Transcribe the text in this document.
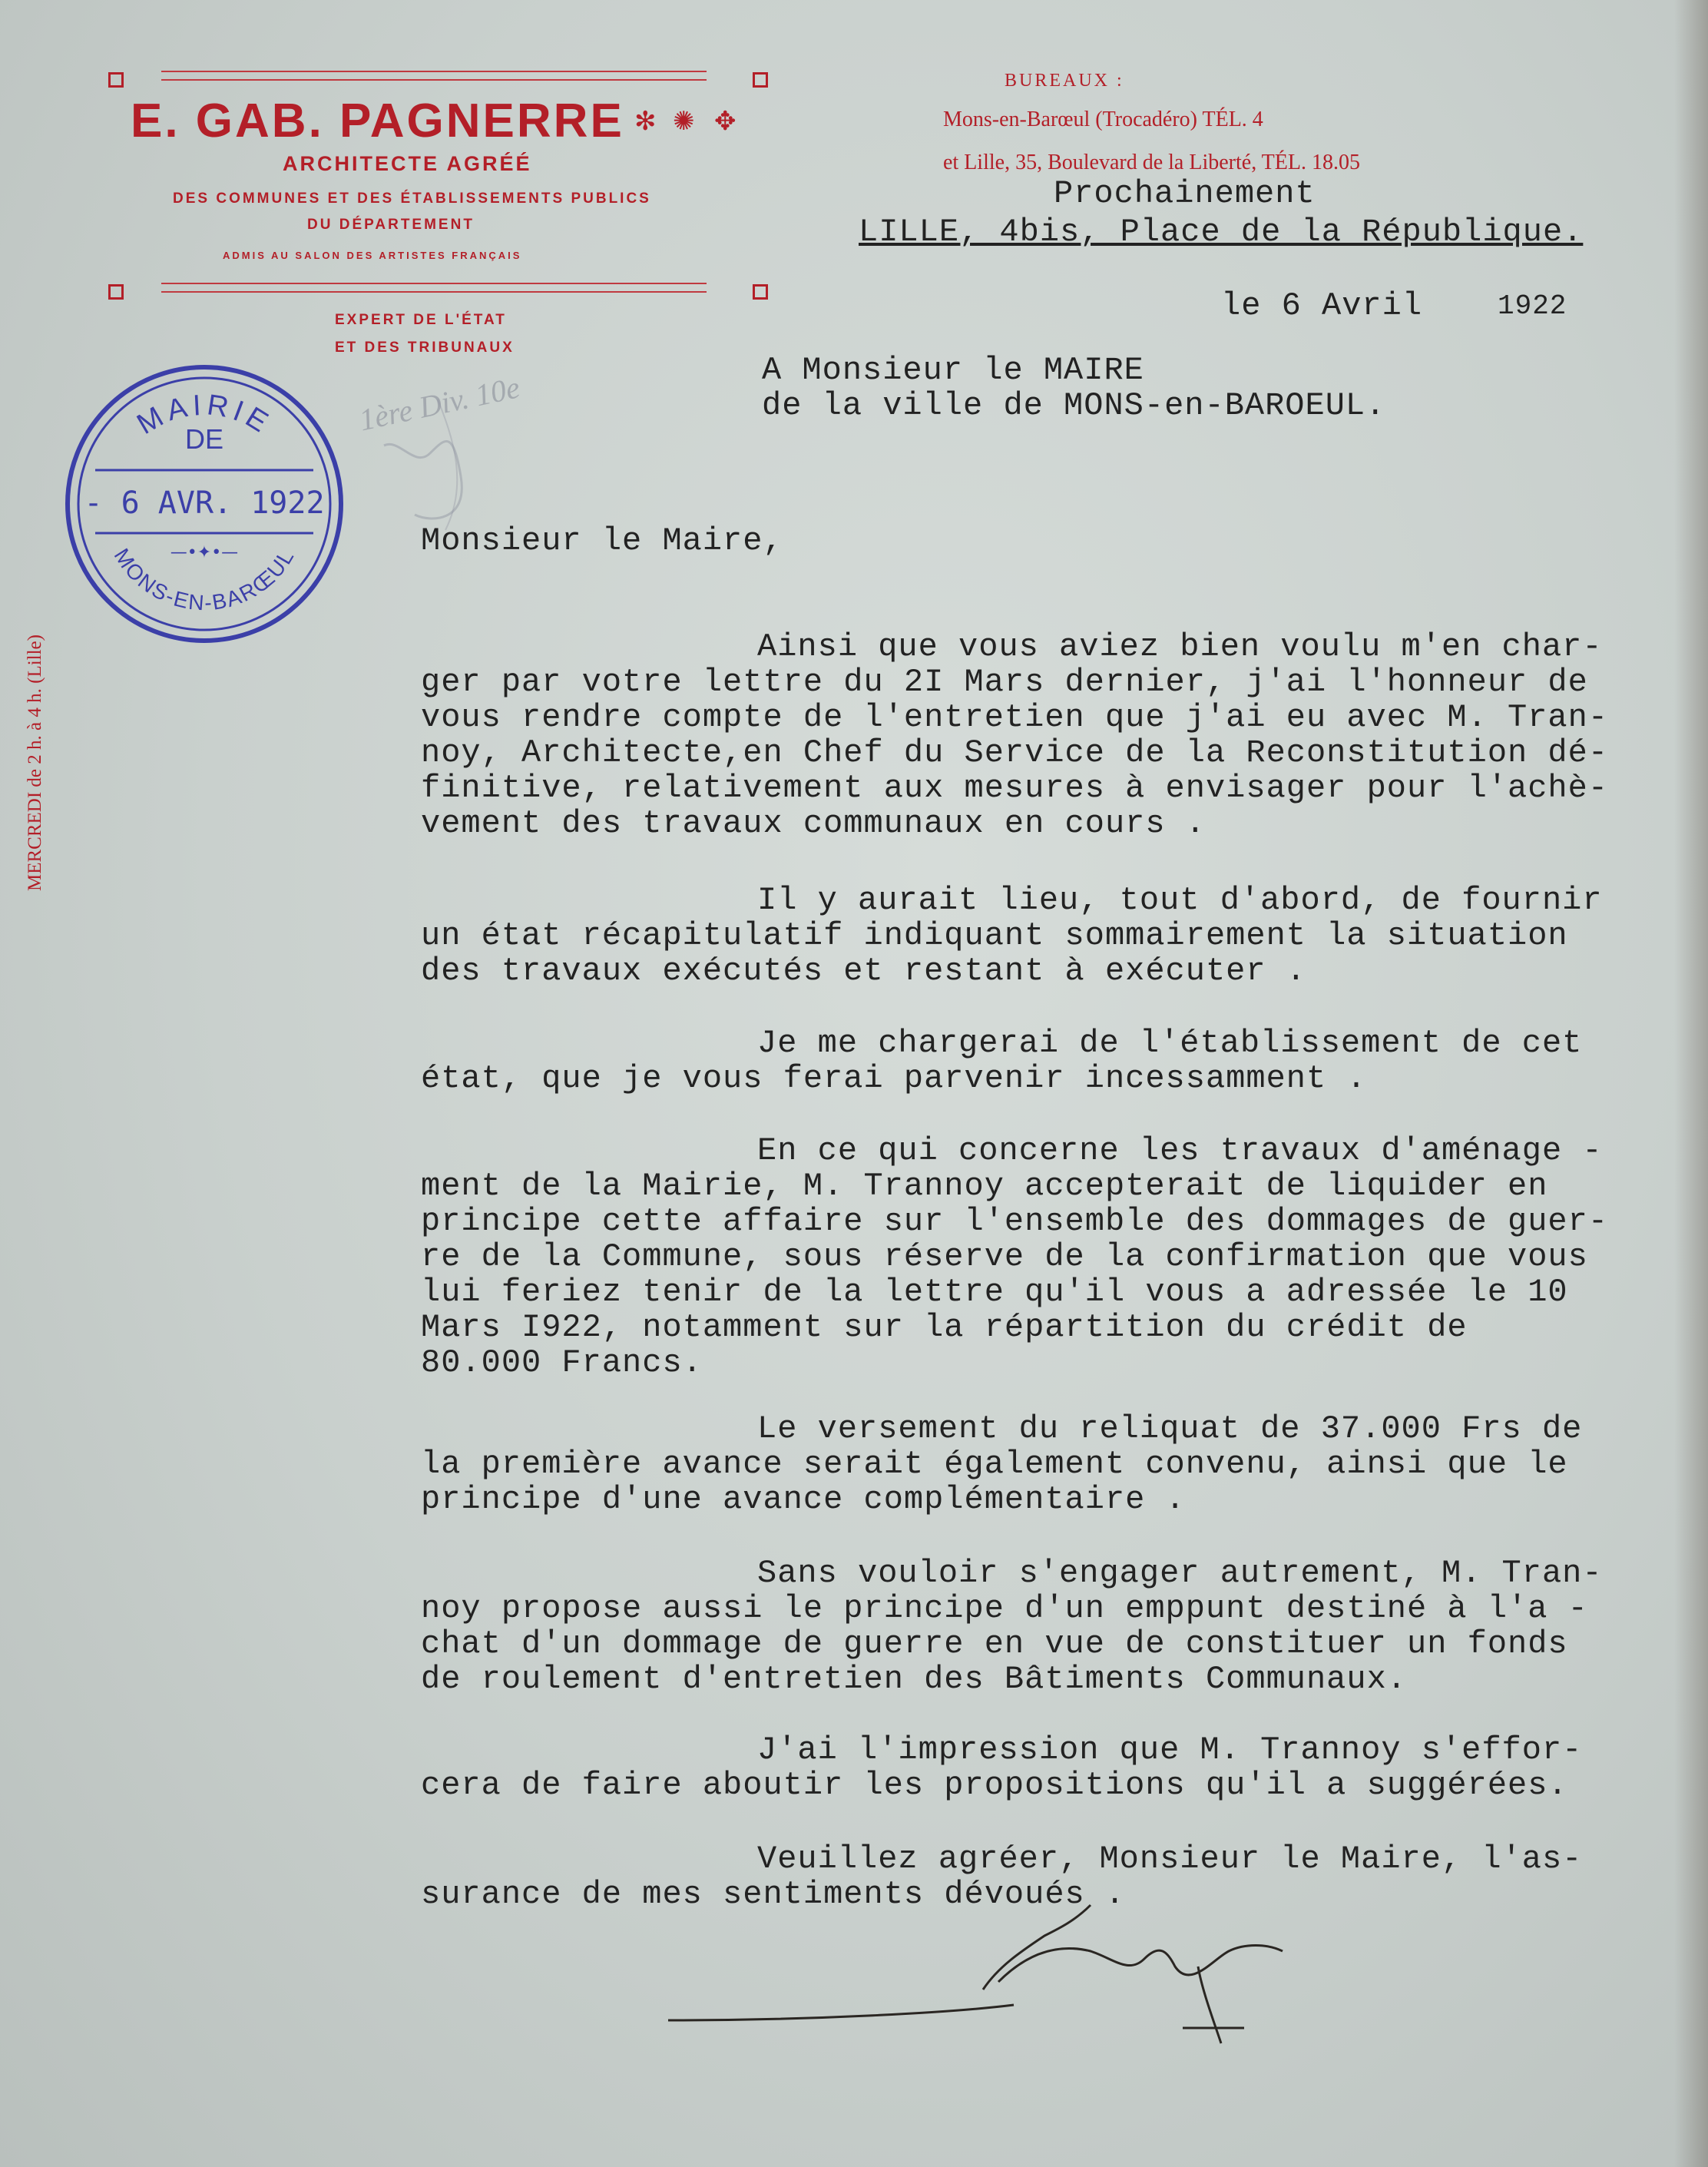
✻ ✺ ✥
E. GAB. PAGNERRE
ARCHITECTE AGRÉÉ
DES COMMUNES ET DES ÉTABLISSEMENTS PUBLICS
DU DÉPARTEMENT
ADMIS AU SALON DES ARTISTES FRANÇAIS
EXPERT DE L'ÉTAT
ET DES TRIBUNAUX
BUREAUX :
Mons-en-Barœul (Trocadéro) TÉL. 4
et Lille, 35, Boulevard de la Liberté, TÉL. 18.05
MERCREDI de 2 h. à 4 h. (Lille)
Prochainement
LILLE, 4bis, Place de la République.
le 6 Avril	1922
A Monsieur le MAIRE
de la ville de MONS-en-BAROEUL.
Monsieur le Maire,
Ainsi que vous aviez bien voulu m'en char-
ger par votre lettre du 2I Mars dernier, j'ai l'honneur de
vous rendre compte de l'entretien que j'ai eu avec M. Tran-
noy, Architecte,en Chef du Service de la Reconstitution dé-
finitive, relativement aux mesures à envisager pour l'achè-
vement des travaux communaux en cours .
Il y aurait lieu, tout d'abord, de fournir
un état récapitulatif indiquant sommairement la situation
des travaux exécutés et restant à exécuter .
Je me chargerai de l'établissement de cet
état, que je vous ferai parvenir incessamment .
En ce qui concerne les travaux d'aménage -
ment de la Mairie, M. Trannoy accepterait de liquider en
principe cette affaire sur l'ensemble des dommages de guer-
re de la Commune, sous réserve de la confirmation que vous
lui feriez tenir de la lettre qu'il vous a adressée le 10
Mars I922, notamment sur la répartition du crédit de
80.000 Francs.
Le versement du reliquat de 37.000 Frs de
la première avance serait également convenu, ainsi que le
principe d'une avance complémentaire .
Sans vouloir s'engager autrement, M. Tran-
noy propose aussi le principe d'un emppunt destiné à l'a -
chat d'un dommage de guerre en vue de constituer un fonds
de roulement d'entretien des Bâtiments Communaux.
J'ai l'impression que M. Trannoy s'effor-
cera de faire aboutir les propositions qu'il a suggérées.
Veuillez agréer, Monsieur le Maire, l'as-
surance de mes sentiments dévoués .
MAIRIE
DE
- 6 AVR. 1922
—•✦•—
MONS-EN-BARŒUL
1ère Div. 10e
